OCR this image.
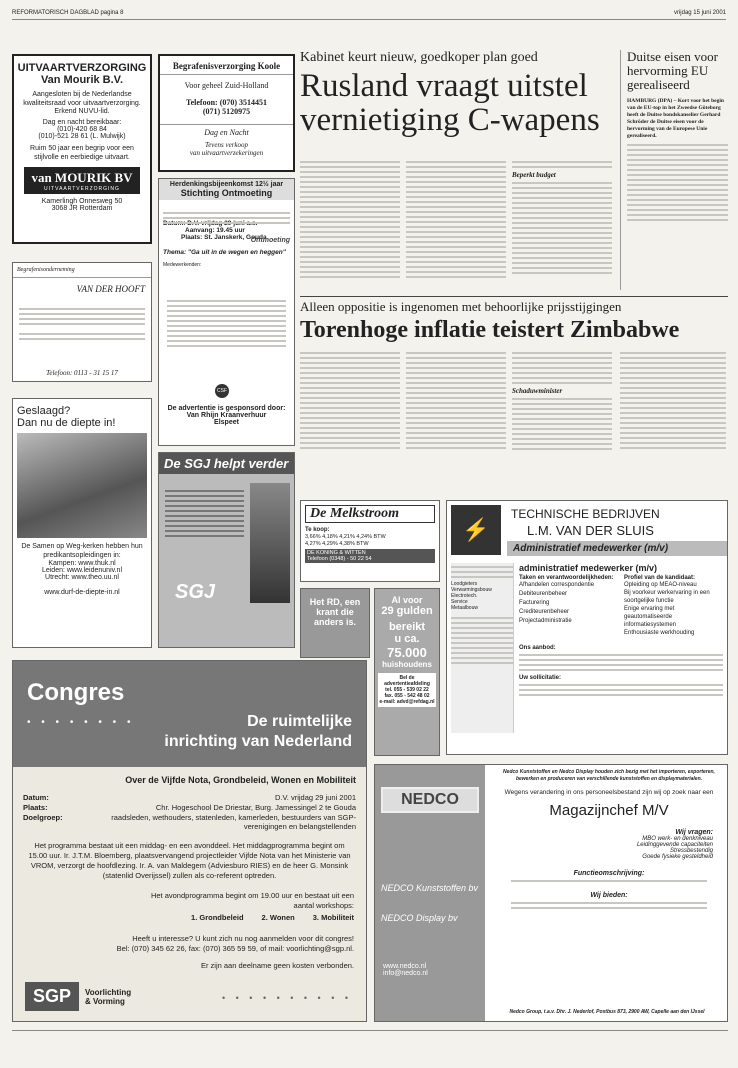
REFORMATORISCH DAGBLAD pagina 8	vrijdag 15 juni 2001
UITVAARTVERZORGING
Van Mourik B.V.
Aangesloten bij de Nederlandse kwaliteitsraad voor uitvaartverzorging.
Erkend NUVU-lid.
Dag en nacht bereikbaar:
(010)-420 68 84
(010)-521 28 61 (L. Mulwijk)
Ruim 50 jaar een begrip voor een stijlvolle en eerbiedige uitvaart.
van MOURIK BV
UITVAARTVERZORGING
Kamerlingh Onnesweg 50
3068 JR Rotterdam
Begrafenisonderneming
VAN DER HOOFT
Telefoon: 0113 - 31 15 17
Geslaagd?
Dan nu de diepte in!
De Samen op Weg-kerken hebben hun predikantsopleidingen in:
Kampen: www.thuk.nl
Leiden: www.leidenuniv.nl
Utrecht: www.theo.uu.nl
www.durf-de-diepte-in.nl
Begrafenisverzorging Koole
Voor geheel Zuid-Holland
Telefoon: (070) 3514451
(071) 5120975
Dag en Nacht
Tevens verkoop
van uitvaartverzekeringen
Herdenkingsbijeenkomst 12½ jaar
Stichting Ontmoeting
Aanvang: 19.45 uur
Plaats: St. Janskerk, Gouda
Ontmoeting
Thema: "Ga uit in de wegen en heggen"
Medewerkenden:
CSF
De advertentie is gesponsord door:
Van Rhijn Kraanverhuur
Elspeet
De SGJ helpt verder
SGJ
Kabinet keurt nieuw, goedkoper plan goed
Rusland vraagt uitstel vernietiging C-wapens
Beperkt budget
Duitse eisen voor hervorming EU gerealiseerd
HAMBURG (DPA) – Kort voor het begin van de EU-top in het Zweedse Göteborg heeft de Duitse bondskanselier Gerhard Schröder de Duitse eisen voor de hervorming van de Europese Unie gerealiseerd.
Alleen oppositie is ingenomen met behoorlijke prijsstijgingen
Torenhoge inflatie teistert Zimbabwe
Schaduwminister
De Melkstroom
Te koop:
3,66% 4,18% 4,21% 4,24% BTW
4,27% 4,29% 4,38% BTW
DE KONING & WITTEN
Telefoon (0348) - 50 22 54
⚡
TECHNISCHE BEDRIJVEN
L.M. VAN DER SLUIS
Administratief medewerker (m/v)
Loodgieters
Verwarmingsbouw
Electrotech.
Service
Metaalbouw
administratief medewerker (m/v)
Taken en verantwoordelijkheden:
Afhandelen correspondentie
Debiteurenbeheer
Facturering
Crediteurenbeheer
Projectadministratie
Profiel van de kandidaat:
Opleiding op MEAO-niveau
Bij voorkeur werkervaring in een soortgelijke functie
Enige ervaring met geautomatiseerde informatiesystemen
Enthousiaste werkhouding
Ons aanbod:
Uw sollicitatie:
Het RD, een krant die anders is.
Al voor
29 gulden
bereikt
u ca.
75.000
huishoudens
Bel de advertentieafdeling
tel. 055 - 539 02 22
fax. 055 - 542 48 02
e-mail: advd@refdag.nl
Congres
• • • • • • • •	De ruimtelijke
inrichting van Nederland
Over de Vijfde Nota, Grondbeleid, Wonen en Mobiliteit
Datum:	D.V. vrijdag 29 juni 2001
Plaats:	Chr. Hogeschool De Driestar, Burg. Jamessingel 2 te Gouda
Doelgroep:	raadsleden, wethouders, statenleden, kamerleden, bestuurders van SGP-verenigingen en belangstellenden
Het programma bestaat uit een middag- en een avonddeel. Het middagprogramma begint om 15.00 uur. Ir. J.T.M. Bloemberg, plaatsvervangend projectleider Vijfde Nota van het Ministerie van VROM, verzorgt de hoofdlezing. Ir. A. van Maldegem (Adviesburo RIES) en de heer G. Monsink (statenlid Overijssel) zullen als co-referent optreden.
Het avondprogramma begint om 19.00 uur en bestaat uit een aantal workshops:
1. Grondbeleid 2. Wonen 3. Mobiliteit
Heeft u interesse? U kunt zich nu nog aanmelden voor dit congres!
Bel: (070) 345 62 26, fax: (070) 365 59 59, of mail: voorlichting@sgp.nl.
Er zijn aan deelname geen kosten verbonden.
SGP	Voorlichting
& Vorming	• • • • • • • • • •
Nedco Kunststoffen en Nedco Display houden zich bezig met het importeren, exporteren, bewerken en produceren van verschillende kunststoffen en displaymaterialen.
NEDCO
NEDCO Kunststoffen bv
NEDCO Display bv
www.nedco.nl
info@nedco.nl
Wegens verandering in ons personeelsbestand zijn wij op zoek naar een
Magazijnchef M/V
Wij vragen:
MBO werk- en denkniveau
Leidinggevende capaciteiten
Stressbestendig
Goede fysieke gesteldheid
Functieomschrijving:
Wij bieden:
Nedco Group, t.a.v. Dhr. J. Nederlof, Postbus 873, 2900 AW, Capelle aan den IJssel
